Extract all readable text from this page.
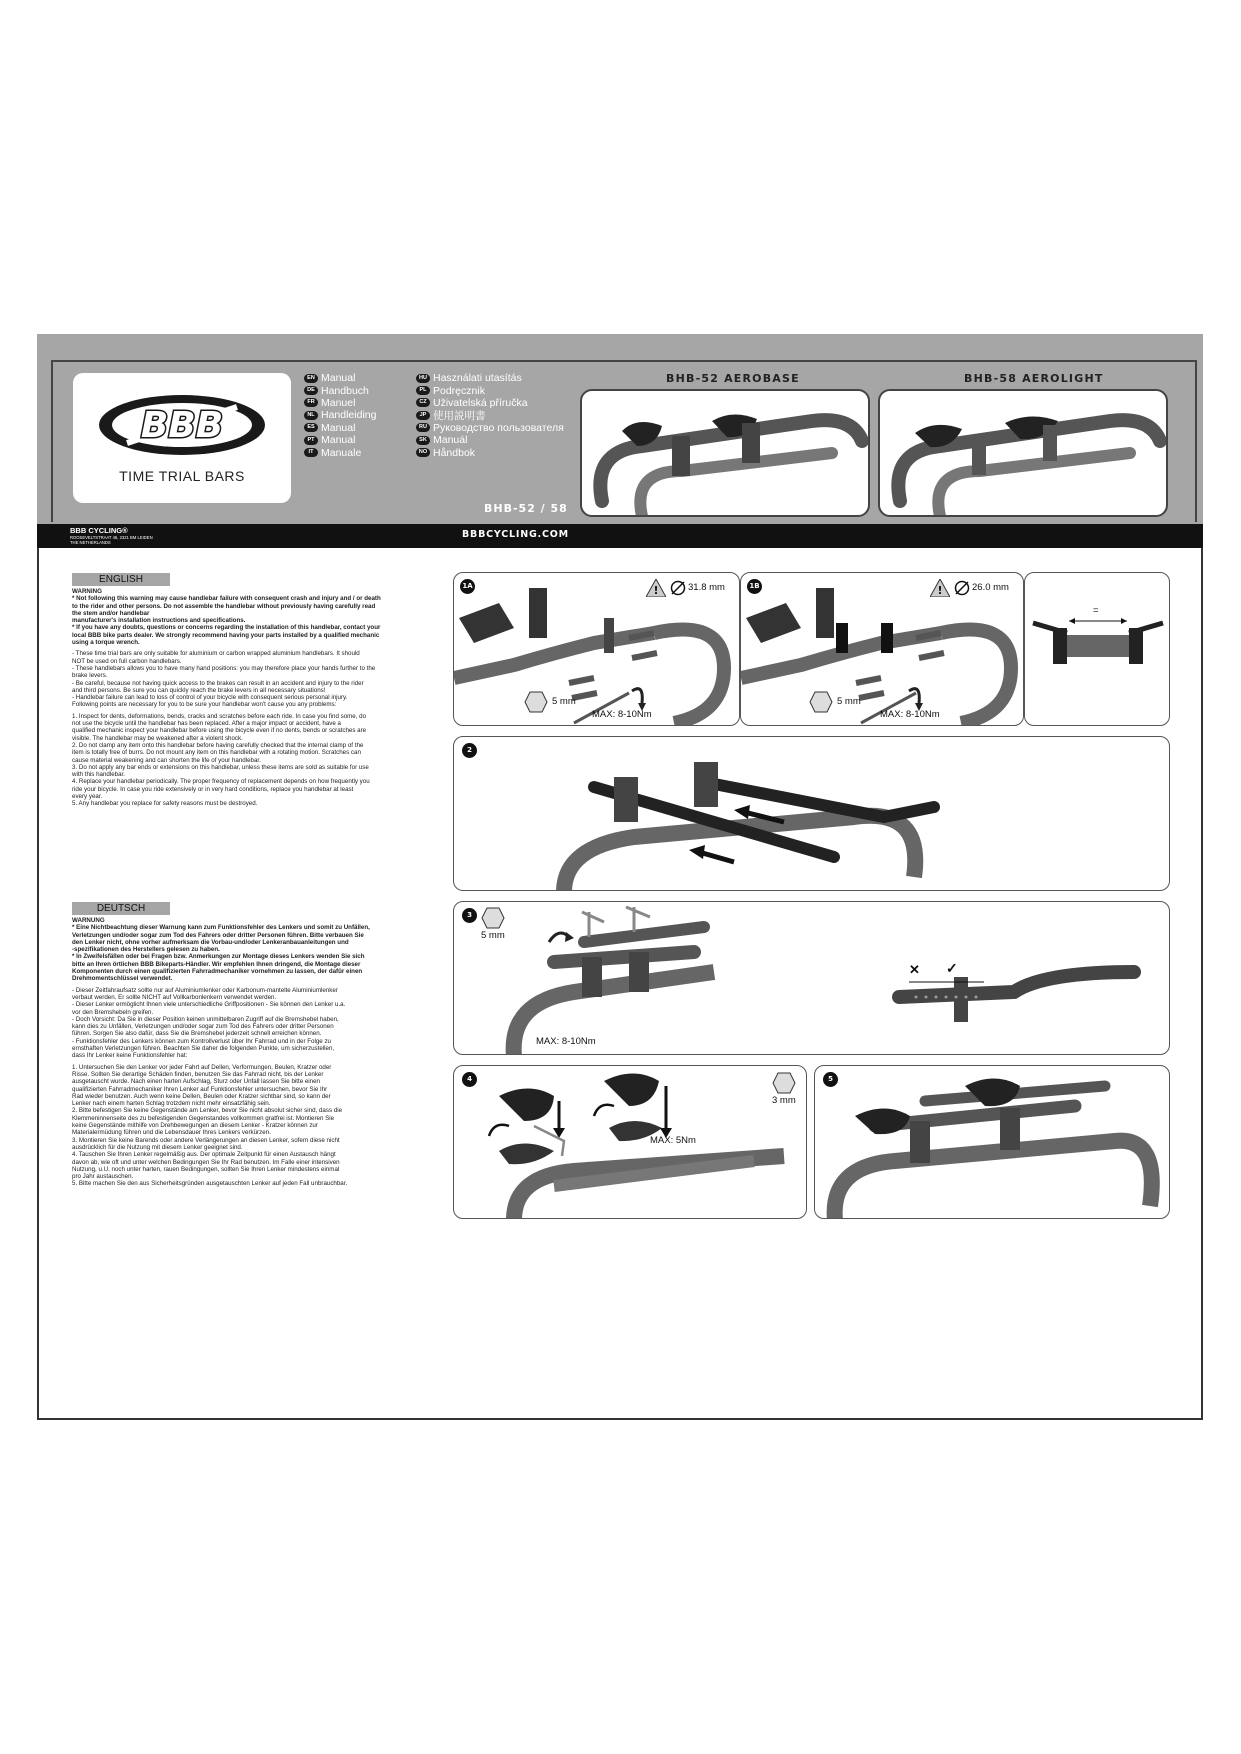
BBB
TIME TRIAL BARS
EN Manual
DE Handbuch
FR Manuel
NL Handleiding
ES Manual
PT Manual
IT Manuale
HU Használati utasítás
PL Podręcznik
CZ Uživatelská příručka
JP 使用説明書
RU Руководство пользователя
SK Manuál
NO Håndbok
BHB-52 AEROBASE	BHB-58 AEROLIGHT
BHB-52 / 58
BBB CYCLING®
ROOSEVELTSTRAAT 46, 2321 BM LEIDEN
THE NETHERLANDS
BBBCYCLING.COM
ENGLISH
WARNING
* Not following this warning may cause handlebar failure with consequent crash and injury and / or death
to the rider and other persons. Do not assemble the handlebar without previously having carefully read
the stem and/or handlebar
manufacturer's installation instructions and specifications.
* If you have any doubts, questions or concerns regarding the installation of this handlebar, contact your
local BBB bike parts dealer. We strongly recommend having your parts installed by a qualified mechanic
using a torque wrench.
- These time trial bars are only suitable for aluminium or carbon wrapped aluminium handlebars. It should
NOT be used on full carbon handlebars.
- These handlebars allows you to have many hand positions: you may therefore place your hands further to the
brake levers.
- Be careful, because not having quick access to the brakes can result in an accident and injury to the rider
and third persons. Be sure you can quickly reach the brake levers in all necessary situations!
- Handlebar failure can lead to loss of control of your bicycle with consequent serious personal injury.
Following points are necessary for you to be sure your handlebar won't cause you any problems:
1. Inspect for dents, deformations, bends, cracks and scratches before each ride. In case you find some, do
not use the bicycle until the handlebar has been replaced. After a major impact or accident, have a
qualified mechanic inspect your handlebar before using the bicycle even if no dents, bends or scratches are
visible. The handlebar may be weakened after a violent shock.
2. Do not clamp any item onto this handlebar before having carefully checked that the internal clamp of the
item is totally free of burrs. Do not mount any item on this handlebar with a rotating motion. Scratches can
cause material weakening and can shorten the life of your handlebar.
3. Do not apply any bar ends or extensions on this handlebar, unless these items are sold as suitable for use
with this handlebar.
4. Replace your handlebar periodically. The proper frequency of replacement depends on how frequently you
ride your bicycle. In case you ride extensively or in very hard conditions, replace you handlebar at least
every year.
5. Any handlebar you replace for safety reasons must be destroyed.
DEUTSCH
WARNUNG
* Eine Nichtbeachtung dieser Warnung kann zum Funktionsfehler des Lenkers und somit zu Unfällen,
Verletzungen und/oder sogar zum Tod des Fahrers oder dritter Personen führen. Bitte verbauen Sie
den Lenker nicht, ohne vorher aufmerksam die Vorbau-und/oder Lenkeranbauanleitungen und
-spezifikationen des Herstellers gelesen zu haben.
* In Zweifelsfällen oder bei Fragen bzw. Anmerkungen zur Montage dieses Lenkers wenden Sie sich
bitte an Ihren örtlichen BBB Bikeparts-Händler. Wir empfehlen Ihnen dringend, die Montage dieser
Komponenten durch einen qualifizierten Fahrradmechaniker vornehmen zu lassen, der dafür einen
Drehmomentschlüssel verwendet.
- Dieser Zeitfahraufsatz sollte nur auf Aluminiumlenker oder Karbonum-mantelte Aluminiumlenker
verbaut werden. Er sollte NICHT auf Vollkarbonlenkern verwendet werden.
- Dieser Lenker ermöglicht Ihnen viele unterschiedliche Griffpositionen - Sie können den Lenker u.a.
vor den Bremshebeln greifen.
- Doch Vorsicht: Da Sie in dieser Position keinen unmittelbaren Zugriff auf die Bremshebel haben,
kann dies zu Unfällen, Verletzungen und/oder sogar zum Tod des Fahrers oder dritter Personen
führen. Sorgen Sie also dafür, dass Sie die Bremshebel jederzeit schnell erreichen können.
- Funktionsfehler des Lenkers können zum Kontrollverlust über Ihr Fahrrad und in der Folge zu
ernsthaften Verletzungen führen. Beachten Sie daher die folgenden Punkte, um sicherzustellen,
dass Ihr Lenker keine Funktionsfehler hat:
1. Untersuchen Sie den Lenker vor jeder Fahrt auf Dellen, Verformungen, Beulen, Kratzer oder
Risse. Sollten Sie derartige Schäden finden, benutzen Sie das Fahrrad nicht, bis der Lenker
ausgetauscht wurde. Nach einen harten Aufschlag, Sturz oder Unfall lassen Sie bitte einen
qualifizierten Fahrradmechaniker Ihren Lenker auf Funktionsfehler untersuchen, bevor Sie Ihr
Rad wieder benutzen. Auch wenn keine Dellen, Beulen oder Kratzer sichtbar sind, so kann der
Lenker nach einem harten Schlag trotzdem nicht mehr einsatzfähig sein.
2. Bitte befestigen Sie keine Gegenstände am Lenker, bevor Sie nicht absolut sicher sind, dass die
Klemmeninnenseite des zu befestigenden Gegenstandes vollkommen gratfrei ist. Montieren Sie
keine Gegenstände mithilfe von Drehbewegungen an diesem Lenker - Kratzer können zur
Materialermüdung führen und die Lebensdauer Ihres Lenkers verkürzen.
3. Montieren Sie keine Barends oder andere Verlängerungen an diesen Lenker, sofern diese nicht
ausdrücklich für die Nutzung mit diesem Lenker geeignet sind.
4. Tauschen Sie Ihren Lenker regelmäßig aus. Der optimale Zeitpunkt für einen Austausch hängt
davon ab, wie oft und unter welchen Bedingungen Sie Ihr Rad benutzen. Im Falle einer intensiven
Nutzung, u.U. noch unter harten, rauen Bedingungen, sollten Sie Ihren Lenker mindestens einmal
pro Jahr austauschen.
5. Bitte machen Sie den aus Sicherheitsgründen ausgetauschten Lenker auf jeden Fall unbrauchbar.
1A	!	31.8 mm
5 mm
MAX: 8-10Nm
1B	!	26.0 mm
5 mm
MAX: 8-10Nm
=
2
3
5 mm
✕ ✓
MAX: 8-10Nm
4
3 mm
MAX: 5Nm
5
